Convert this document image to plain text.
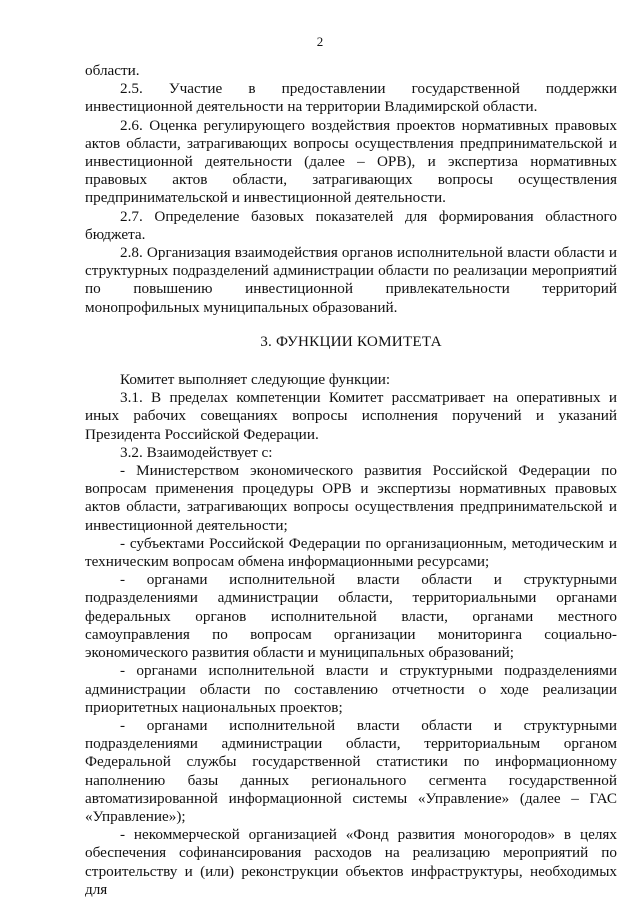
2

области.

2.5. Участие в предоставлении государственной поддержки инвестиционной деятельности на территории Владимирской области.

2.6. Оценка регулирующего воздействия проектов нормативных правовых актов области, затрагивающих вопросы осуществления предпринимательской и инвестиционной деятельности (далее – ОРВ), и экспертиза нормативных правовых актов области, затрагивающих вопросы осуществления предпринимательской и инвестиционной деятельности.

2.7. Определение базовых показателей для формирования областного бюджета.

2.8. Организация взаимодействия органов исполнительной власти области и структурных подразделений администрации области по реализации мероприятий по повышению инвестиционной привлекательности территорий монопрофильных муниципальных образований.

3. ФУНКЦИИ КОМИТЕТА

Комитет выполняет следующие функции:

3.1. В пределах компетенции Комитет рассматривает на оперативных и иных рабочих совещаниях вопросы исполнения поручений и указаний Президента Российской Федерации.

3.2. Взаимодействует с:

- Министерством экономического развития Российской Федерации по вопросам применения процедуры ОРВ и экспертизы нормативных правовых актов области, затрагивающих вопросы осуществления предпринимательской и инвестиционной деятельности;

- субъектами Российской Федерации по организационным, методическим и техническим вопросам обмена информационными ресурсами;

- органами исполнительной власти области и структурными подразделениями администрации области, территориальными органами федеральных органов исполнительной власти, органами местного самоуправления по вопросам организации мониторинга социально-экономического развития области и муниципальных образований;

- органами исполнительной власти и структурными подразделениями администрации области по составлению отчетности о ходе реализации приоритетных национальных проектов;

- органами исполнительной власти области и структурными подразделениями администрации области, территориальным органом Федеральной службы государственной статистики по информационному наполнению базы данных регионального сегмента государственной автоматизированной информационной системы «Управление» (далее – ГАС «Управление»);

- некоммерческой организацией «Фонд развития моногородов» в целях обеспечения софинансирования расходов на реализацию мероприятий по строительству и (или) реконструкции объектов инфраструктуры, необходимых для
